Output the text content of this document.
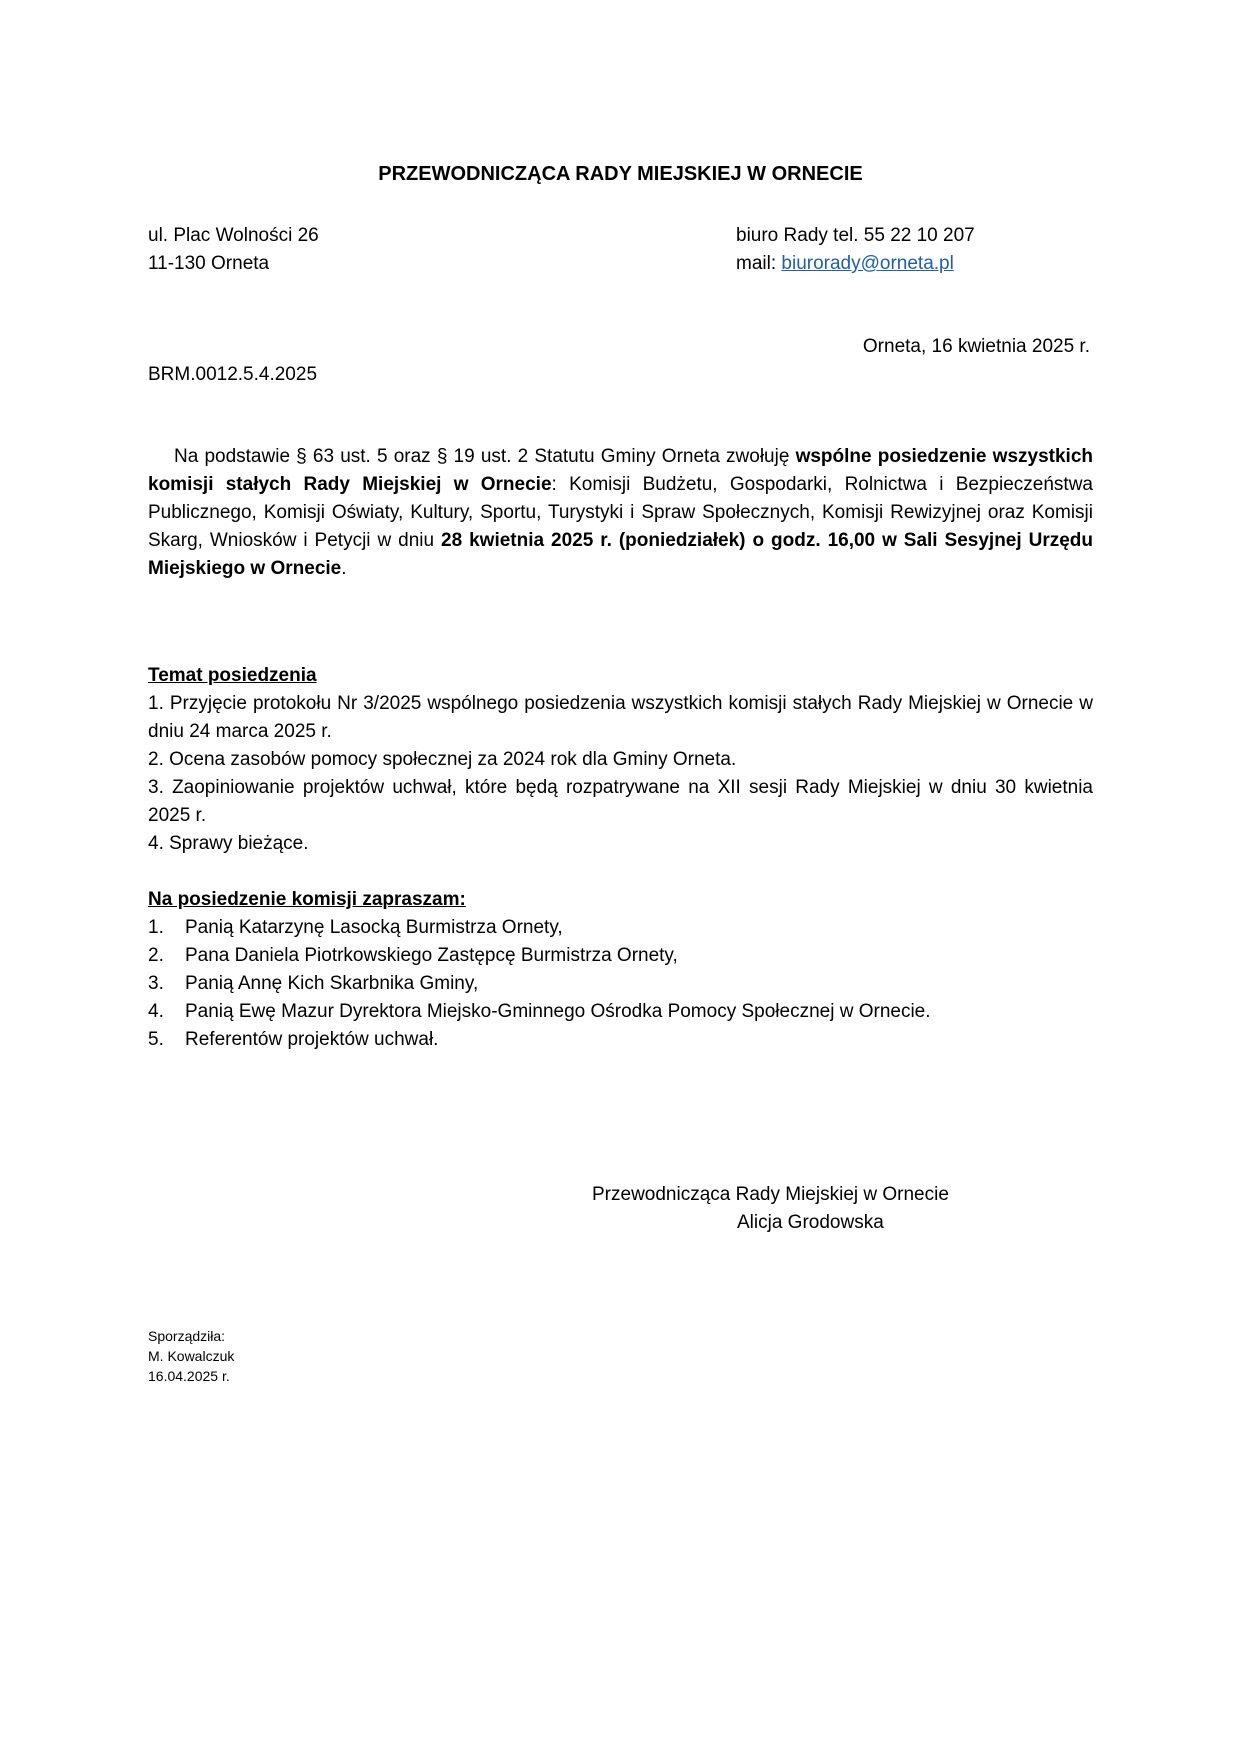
PRZEWODNICZĄCA RADY MIEJSKIEJ W ORNECIE
ul. Plac Wolności 26
11-130 Orneta
biuro Rady tel. 55 22 10 207
mail: biurorady@orneta.pl
Orneta, 16 kwietnia 2025 r.
BRM.0012.5.4.2025
Na podstawie § 63 ust. 5 oraz § 19 ust. 2 Statutu Gminy Orneta zwołuję wspólne posiedzenie wszystkich komisji stałych Rady Miejskiej w Ornecie: Komisji Budżetu, Gospodarki, Rolnictwa i Bezpieczeństwa Publicznego, Komisji Oświaty, Kultury, Sportu, Turystyki i Spraw Społecznych, Komisji Rewizyjnej oraz Komisji Skarg, Wniosków i Petycji w dniu 28 kwietnia 2025 r. (poniedziałek) o godz. 16,00 w Sali Sesyjnej Urzędu Miejskiego w Ornecie.

Temat posiedzenia

1. Przyjęcie protokołu Nr 3/2025 wspólnego posiedzenia wszystkich komisji stałych Rady Miejskiej w Ornecie w dniu 24 marca 2025 r.

2. Ocena zasobów pomocy społecznej za 2024 rok dla Gminy Orneta.

3. Zaopiniowanie projektów uchwał, które będą rozpatrywane na XII sesji Rady Miejskiej w dniu 30 kwietnia 2025 r.

4. Sprawy bieżące.

Na posiedzenie komisji zapraszam:

1.	Panią Katarzynę Lasocką Burmistrza Ornety,
2.	Pana Daniela Piotrkowskiego Zastępcę Burmistrza Ornety,
3.	Panią Annę Kich Skarbnika Gminy,
4.	Panią Ewę Mazur Dyrektora Miejsko-Gminnego Ośrodka Pomocy Społecznej w Ornecie.
5.	Referentów projektów uchwał.
Przewodnicząca Rady Miejskiej w Ornecie
Alicja Grodowska
Sporządziła:
M. Kowalczuk
16.04.2025 r.
